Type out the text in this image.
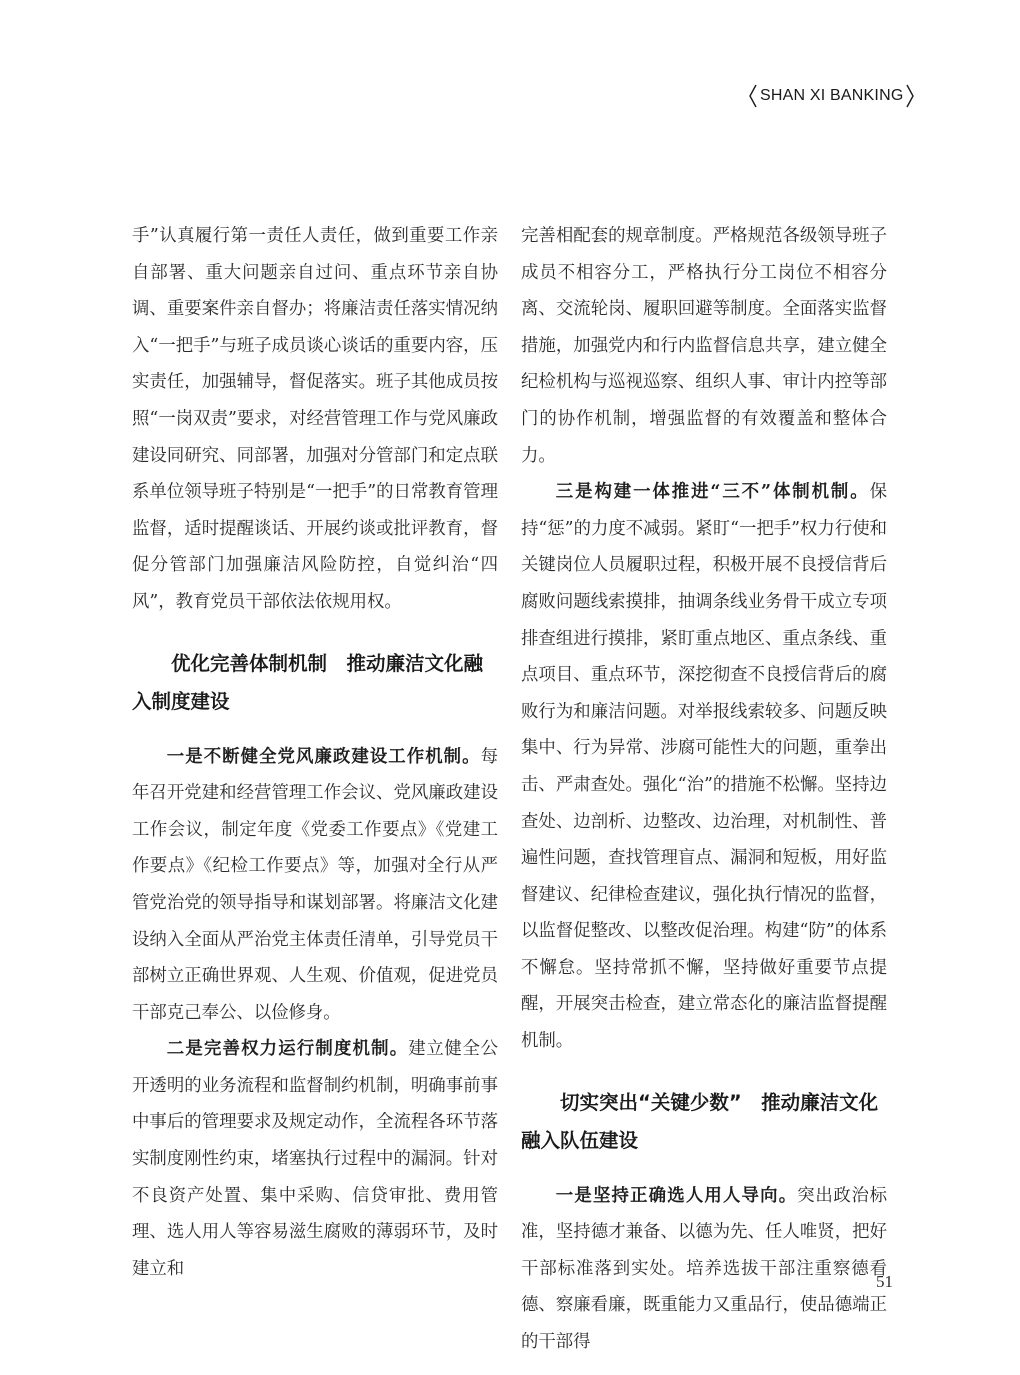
SHAN XI BANKING

手”认真履行第一责任人责任，做到重要工作亲自部署、重大问题亲自过问、重点环节亲自协调、重要案件亲自督办；将廉洁责任落实情况纳入“一把手”与班子成员谈心谈话的重要内容，压实责任，加强辅导，督促落实。班子其他成员按照“一岗双责”要求，对经营管理工作与党风廉政建设同研究、同部署，加强对分管部门和定点联系单位领导班子特别是“一把手”的日常教育管理监督，适时提醒谈话、开展约谈或批评教育，督促分管部门加强廉洁风险防控，自觉纠治“四风”，教育党员干部依法依规用权。

优化完善体制机制　推动廉洁文化融入制度建设

一是不断健全党风廉政建设工作机制。每年召开党建和经营管理工作会议、党风廉政建设工作会议，制定年度《党委工作要点》《党建工作要点》《纪检工作要点》等，加强对全行从严管党治党的领导指导和谋划部署。将廉洁文化建设纳入全面从严治党主体责任清单，引导党员干部树立正确世界观、人生观、价值观，促进党员干部克己奉公、以俭修身。

二是完善权力运行制度机制。建立健全公开透明的业务流程和监督制约机制，明确事前事中事后的管理要求及规定动作，全流程各环节落实制度刚性约束，堵塞执行过程中的漏洞。针对不良资产处置、集中采购、信贷审批、费用管理、选人用人等容易滋生腐败的薄弱环节，及时建立和

完善相配套的规章制度。严格规范各级领导班子成员不相容分工，严格执行分工岗位不相容分离、交流轮岗、履职回避等制度。全面落实监督措施，加强党内和行内监督信息共享，建立健全纪检机构与巡视巡察、组织人事、审计内控等部门的协作机制，增强监督的有效覆盖和整体合力。

三是构建一体推进“三不”体制机制。保持“惩”的力度不减弱。紧盯“一把手”权力行使和关键岗位人员履职过程，积极开展不良授信背后腐败问题线索摸排，抽调条线业务骨干成立专项排查组进行摸排，紧盯重点地区、重点条线、重点项目、重点环节，深挖彻查不良授信背后的腐败行为和廉洁问题。对举报线索较多、问题反映集中、行为异常、涉腐可能性大的问题，重拳出击、严肃查处。强化“治”的措施不松懈。坚持边查处、边剖析、边整改、边治理，对机制性、普遍性问题，查找管理盲点、漏洞和短板，用好监督建议、纪律检查建议，强化执行情况的监督，以监督促整改、以整改促治理。构建“防”的体系不懈怠。坚持常抓不懈，坚持做好重要节点提醒，开展突击检查，建立常态化的廉洁监督提醒机制。

切实突出“关键少数”　推动廉洁文化融入队伍建设

一是坚持正确选人用人导向。突出政治标准，坚持德才兼备、以德为先、任人唯贤，把好干部标准落到实处。培养选拔干部注重察德看德、察廉看廉，既重能力又重品行，使品德端正的干部得

51
